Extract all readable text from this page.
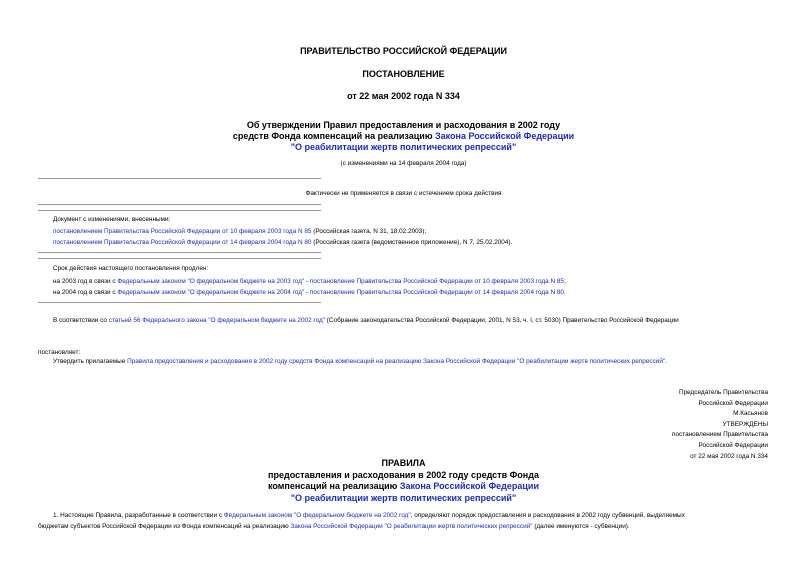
ПРАВИТЕЛЬСТВО РОССИЙСКОЙ ФЕДЕРАЦИИ
ПОСТАНОВЛЕНИЕ
от 22 мая 2002 года N 334
Об утверждении Правил предоставления и расходования в 2002 году
средств Фонда компенсаций на реализацию Закона Российской Федерации
"О реабилитации жертв политических репрессий"
(с изменениями на 14 февраля 2004 года)
Фактически не применяется в связи с истечением срока действия
Документ с изменениями, внесенными:
постановлением Правительства Российской Федерации от 10 февраля 2003 года N 85 (Российская газета, N 31, 18.02.2003);
постановлением Правительства Российской Федерации от 14 февраля 2004 года N 80 (Российская газета (ведомственное приложение), N 7, 25.02.2004).
Срок действия настоящего постановления продлен:
на 2003 год в связи с Федеральным законом "О федеральном бюджете на 2003 год" - постановление Правительства Российской Федерации от 10 февраля 2003 года N 85;
на 2004 год в связи с Федеральным законом "О федеральном бюджете на 2004 год" - постановление Правительства Российской Федерации от 14 февраля 2004 года N 80.
В соответствии со статьей 56 Федерального закона "О федеральном бюджете на 2002 год" (Собрание законодательства Российской Федерации, 2001, N 53, ч. I, ст. 5030) Правительство Российской Федерации
постановляет:
Утвердить прилагаемые Правила предоставления и расходования в 2002 году средств Фонда компенсаций на реализацию Закона Российской Федерации "О реабилитации жертв политических репрессий".
Председатель Правительства
Российской Федерации
М.Касьянов
УТВЕРЖДЕНЫ
постановлением Правительства
Российской Федерации
от 22 мая 2002 года N 334
ПРАВИЛА
предоставления и расходования в 2002 году средств Фонда
компенсаций на реализацию Закона Российской Федерации
"О реабилитации жертв политических репрессий"
1. Настоящие Правила, разработанные в соответствии с Федеральным законом "О федеральном бюджете на 2002 год", определяют порядок предоставления и расходования в 2002 году субвенций, выделяемых
бюджетам субъектов Российской Федерации из Фонда компенсаций на реализацию Закона Российской Федерации "О реабилитации жертв политических репрессий" (далее именуются - субвенции).
